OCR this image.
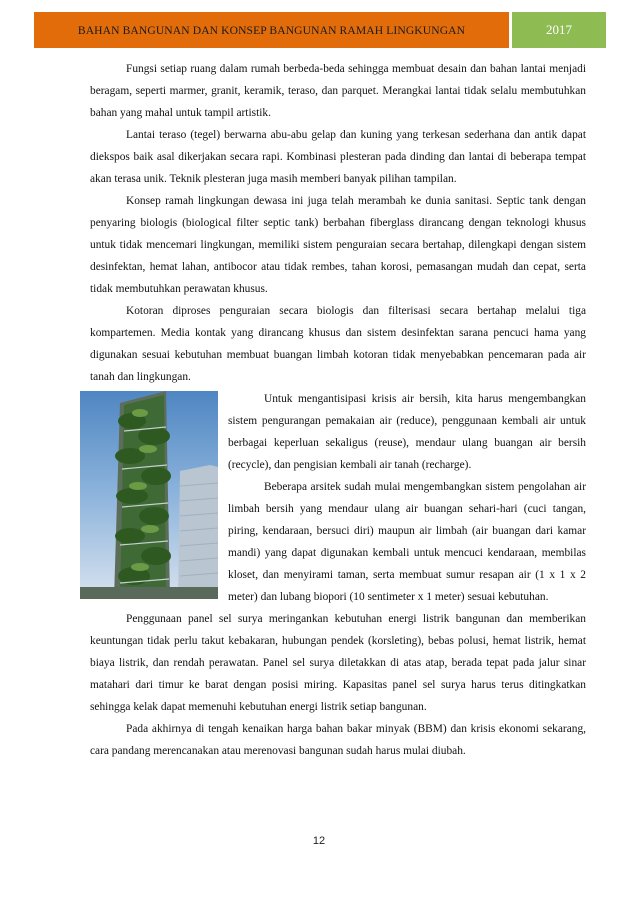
BAHAN BANGUNAN DAN KONSEP BANGUNAN RAMAH LINGKUNGAN	2017

Fungsi setiap ruang dalam rumah berbeda-beda sehingga membuat desain dan bahan lantai menjadi beragam, seperti marmer, granit, keramik, teraso, dan parquet. Merangkai lantai tidak selalu membutuhkan bahan yang mahal untuk tampil artistik.

Lantai teraso (tegel) berwarna abu-abu gelap dan kuning yang terkesan sederhana dan antik dapat diekspos baik asal dikerjakan secara rapi. Kombinasi plesteran pada dinding dan lantai di beberapa tempat akan terasa unik. Teknik plesteran juga masih memberi banyak pilihan tampilan.

Konsep ramah lingkungan dewasa ini juga telah merambah ke dunia sanitasi. Septic tank dengan penyaring biologis (biological filter septic tank) berbahan fiberglass dirancang dengan teknologi khusus untuk tidak mencemari lingkungan, memiliki sistem penguraian secara bertahap, dilengkapi dengan sistem desinfektan, hemat lahan, antibocor atau tidak rembes, tahan korosi, pemasangan mudah dan cepat, serta tidak membutuhkan perawatan khusus.

Kotoran diproses penguraian secara biologis dan filterisasi secara bertahap melalui tiga kompartemen. Media kontak yang dirancang khusus dan sistem desinfektan sarana pencuci hama yang digunakan sesuai kebutuhan membuat buangan limbah kotoran tidak menyebabkan pencemaran pada air tanah dan lingkungan.

Untuk mengantisipasi krisis air bersih, kita harus mengembangkan sistem pengurangan pemakaian air (reduce), penggunaan kembali air untuk berbagai keperluan sekaligus (reuse), mendaur ulang buangan air bersih (recycle), dan pengisian kembali air tanah (recharge).

Beberapa arsitek sudah mulai mengembangkan sistem pengolahan air limbah bersih yang mendaur ulang air buangan sehari-hari (cuci tangan, piring, kendaraan, bersuci diri) maupun air limbah (air buangan dari kamar mandi) yang dapat digunakan kembali untuk mencuci kendaraan, membilas kloset, dan menyirami taman, serta membuat sumur resapan air (1 x 1 x 2 meter) dan lubang biopori (10 sentimeter x 1 meter) sesuai kebutuhan.

Penggunaan panel sel surya meringankan kebutuhan energi listrik bangunan dan memberikan keuntungan tidak perlu takut kebakaran, hubungan pendek (korsleting), bebas polusi, hemat listrik, hemat biaya listrik, dan rendah perawatan. Panel sel surya diletakkan di atas atap, berada tepat pada jalur sinar matahari dari timur ke barat dengan posisi miring. Kapasitas panel sel surya harus terus ditingkatkan sehingga kelak dapat memenuhi kebutuhan energi listrik setiap bangunan.

Pada akhirnya di tengah kenaikan harga bahan bakar minyak (BBM) dan krisis ekonomi sekarang, cara pandang merencanakan atau merenovasi bangunan sudah harus mulai diubah.

12
